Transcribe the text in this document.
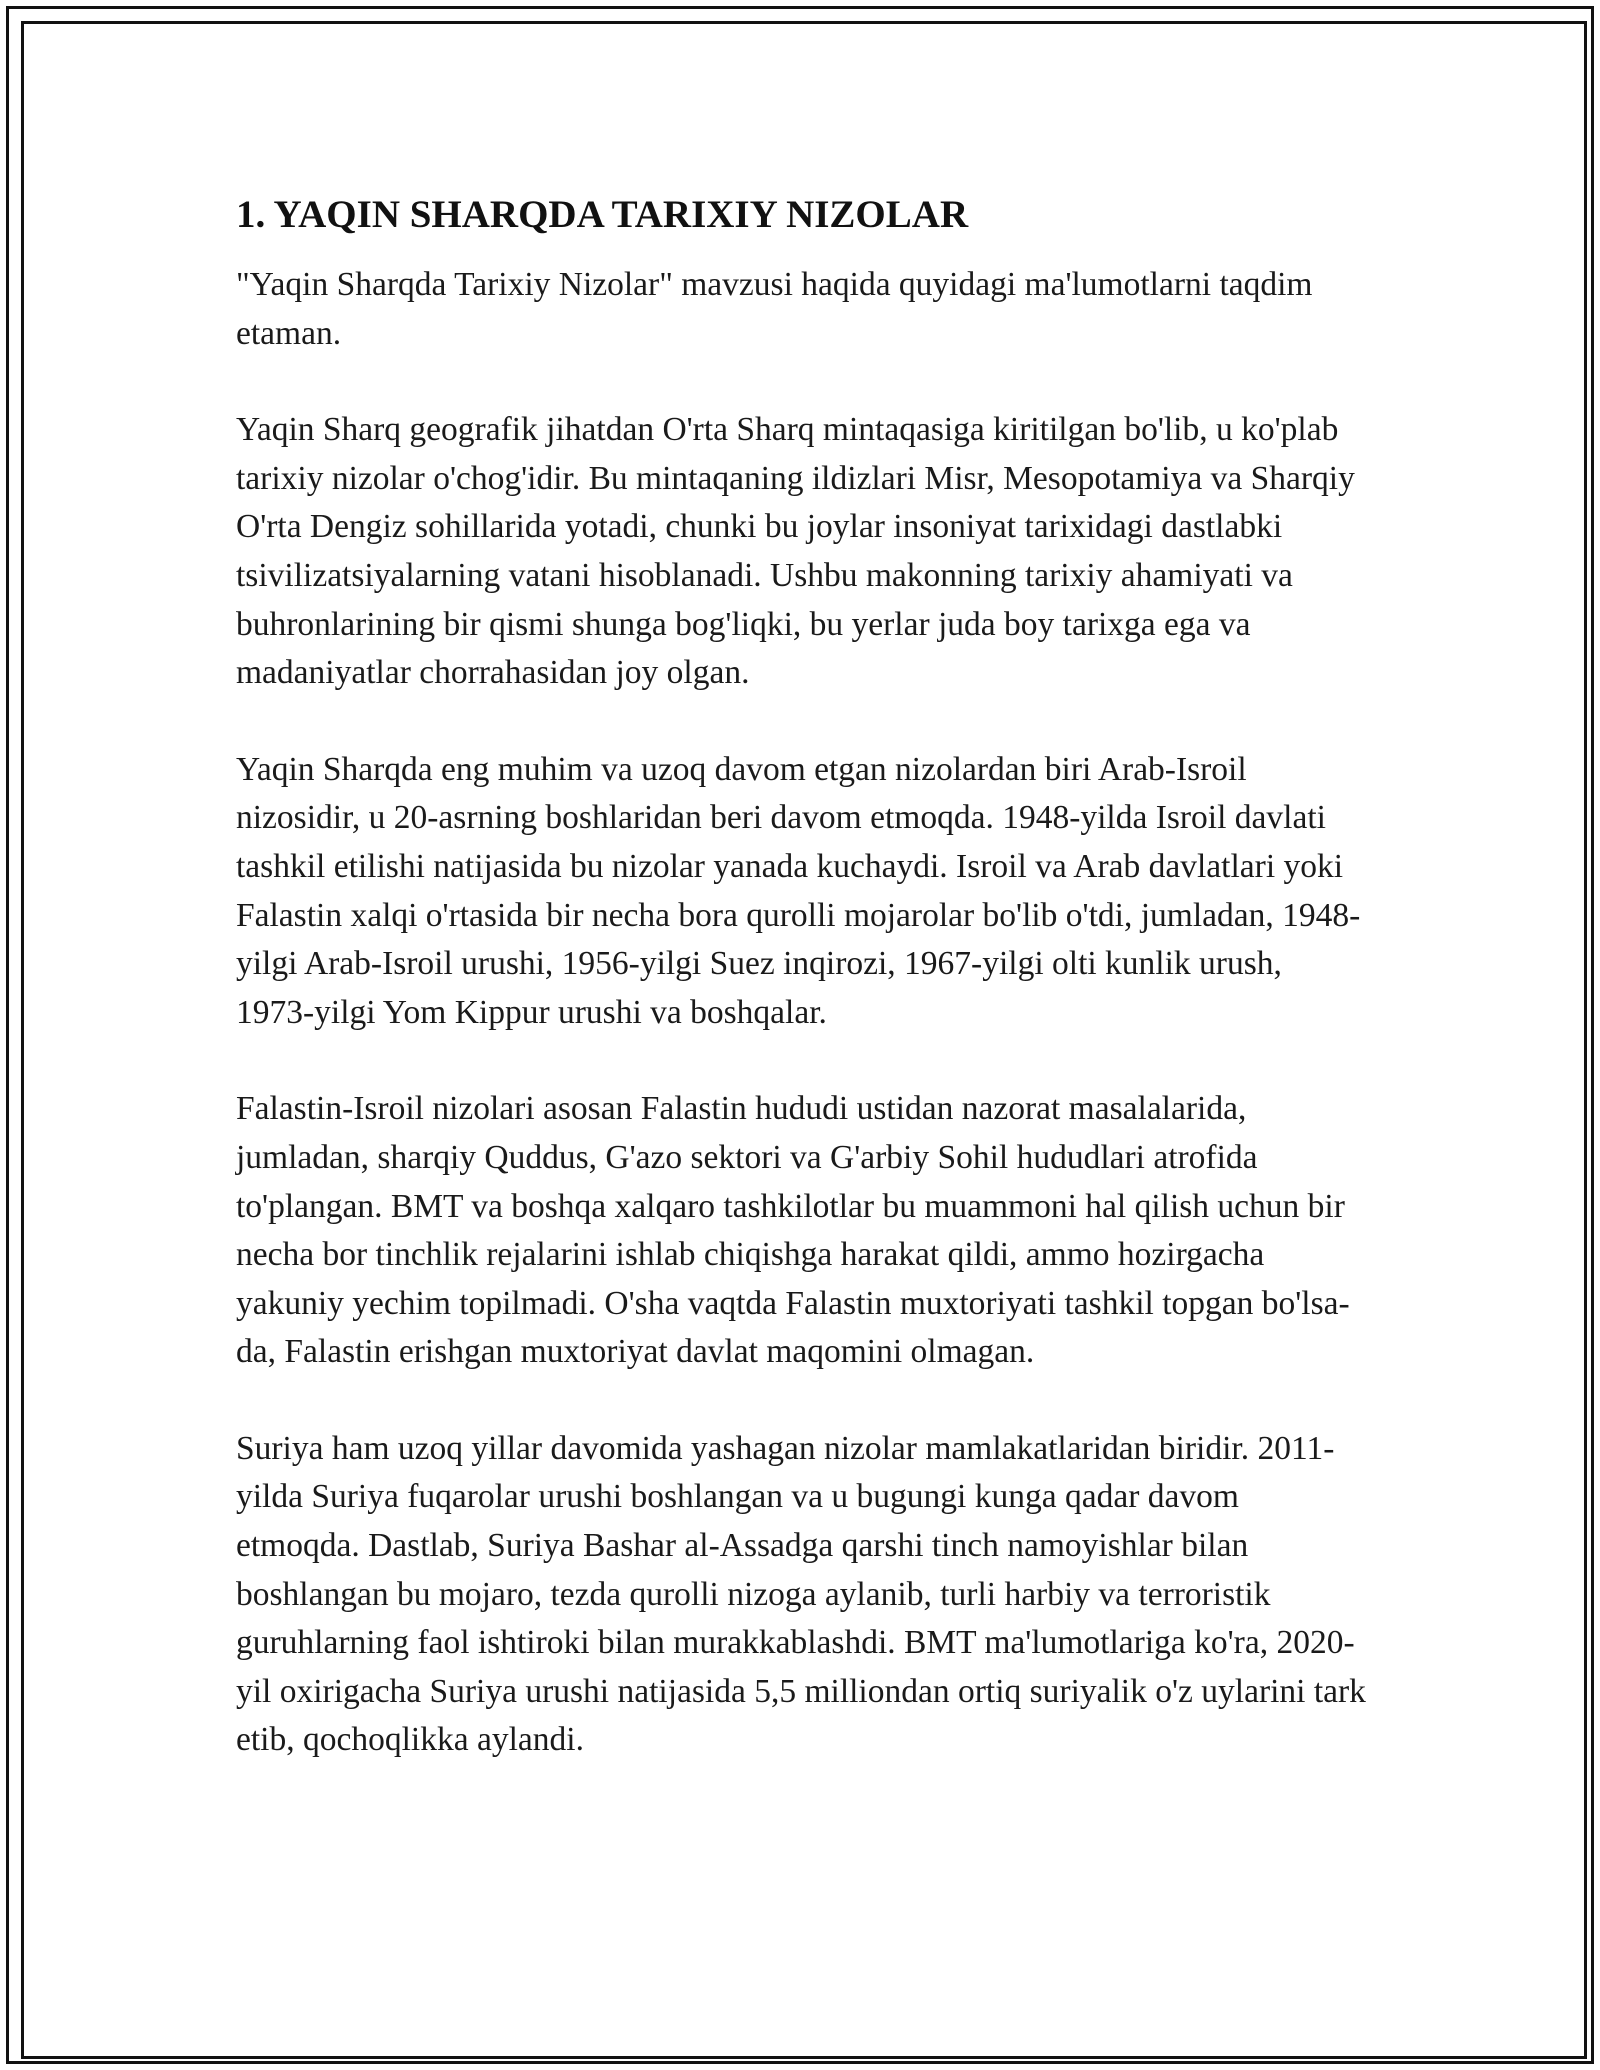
1. YAQIN SHARQDA TARIXIY NIZOLAR

"Yaqin Sharqda Tarixiy Nizolar" mavzusi haqida quyidagi ma'lumotlarni taqdim etaman.

Yaqin Sharq geografik jihatdan O'rta Sharq mintaqasiga kiritilgan bo'lib, u ko'plab tarixiy nizolar o'chog'idir. Bu mintaqaning ildizlari Misr, Mesopotamiya va Sharqiy O'rta Dengiz sohillarida yotadi, chunki bu joylar insoniyat tarixidagi dastlabki tsivilizatsiyalarning vatani hisoblanadi. Ushbu makonning tarixiy ahamiyati va buhronlarining bir qismi shunga bog'liqki, bu yerlar juda boy tarixga ega va madaniyatlar chorrahasidan joy olgan.

Yaqin Sharqda eng muhim va uzoq davom etgan nizolardan biri Arab-Isroil nizosidir, u 20-asrning boshlaridan beri davom etmoqda. 1948-yilda Isroil davlati tashkil etilishi natijasida bu nizolar yanada kuchaydi. Isroil va Arab davlatlari yoki Falastin xalqi o'rtasida bir necha bora qurolli mojarolar bo'lib o'tdi, jumladan, 1948-yilgi Arab-Isroil urushi, 1956-yilgi Suez inqirozi, 1967-yilgi olti kunlik urush, 1973-yilgi Yom Kippur urushi va boshqalar.

Falastin-Isroil nizolari asosan Falastin hududi ustidan nazorat masalalarida, jumladan, sharqiy Quddus, G'azo sektori va G'arbiy Sohil hududlari atrofida to'plangan. BMT va boshqa xalqaro tashkilotlar bu muammoni hal qilish uchun bir necha bor tinchlik rejalarini ishlab chiqishga harakat qildi, ammo hozirgacha yakuniy yechim topilmadi. O'sha vaqtda Falastin muxtoriyati tashkil topgan bo'lsa-da, Falastin erishgan muxtoriyat davlat maqomini olmagan.

Suriya ham uzoq yillar davomida yashagan nizolar mamlakatlaridan biridir. 2011-yilda Suriya fuqarolar urushi boshlangan va u bugungi kunga qadar davom etmoqda. Dastlab, Suriya Bashar al-Assadga qarshi tinch namoyishlar bilan boshlangan bu mojaro, tezda qurolli nizoga aylanib, turli harbiy va terroristik guruhlarning faol ishtiroki bilan murakkablashdi. BMT ma'lumotlariga ko'ra, 2020-yil oxirigacha Suriya urushi natijasida 5,5 milliondan ortiq suriyalik o'z uylarini tark etib, qochoqlikka aylandi.
